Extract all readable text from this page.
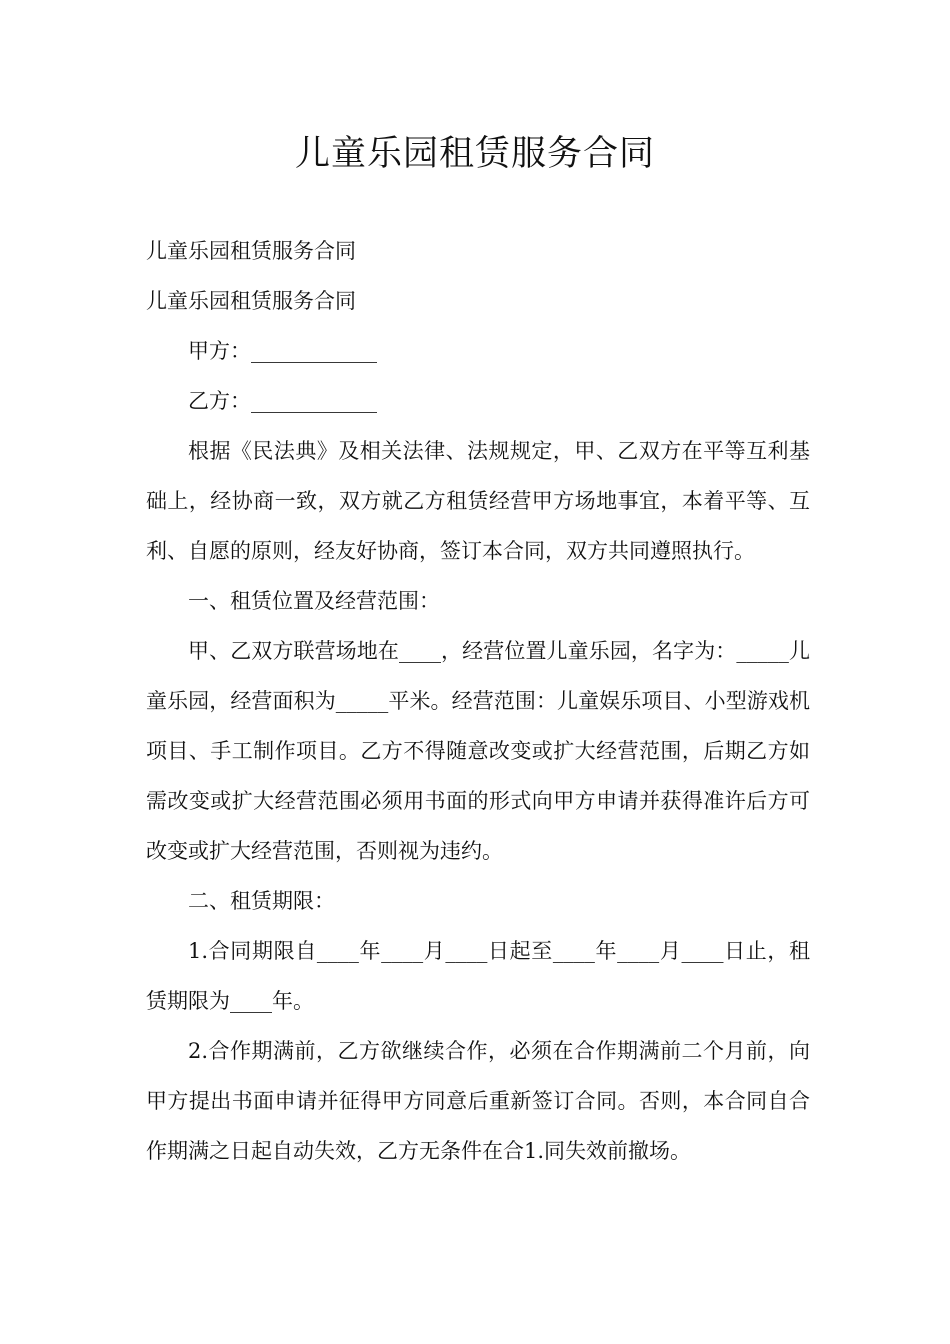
儿童乐园租赁服务合同

儿童乐园租赁服务合同

儿童乐园租赁服务合同

甲方：____________

乙方：____________

根据《民法典》及相关法律、法规规定，甲、乙双方在平等互利基础上，经协商一致，双方就乙方租赁经营甲方场地事宜，本着平等、互利、自愿的原则，经友好协商，签订本合同，双方共同遵照执行。

一、租赁位置及经营范围：

甲、乙双方联营场地在____，经营位置儿童乐园，名字为：_____儿童乐园，经营面积为_____平米。经营范围：儿童娱乐项目、小型游戏机项目、手工制作项目。乙方不得随意改变或扩大经营范围，后期乙方如需改变或扩大经营范围必须用书面的形式向甲方申请并获得准许后方可改变或扩大经营范围，否则视为违约。

二、租赁期限：

1.合同期限自____年____月____日起至____年____月____日止，租赁期限为____年。

2.合作期满前，乙方欲继续合作，必须在合作期满前二个月前，向甲方提出书面申请并征得甲方同意后重新签订合同。否则，本合同自合作期满之日起自动失效，乙方无条件在合1.同失效前撤场。
